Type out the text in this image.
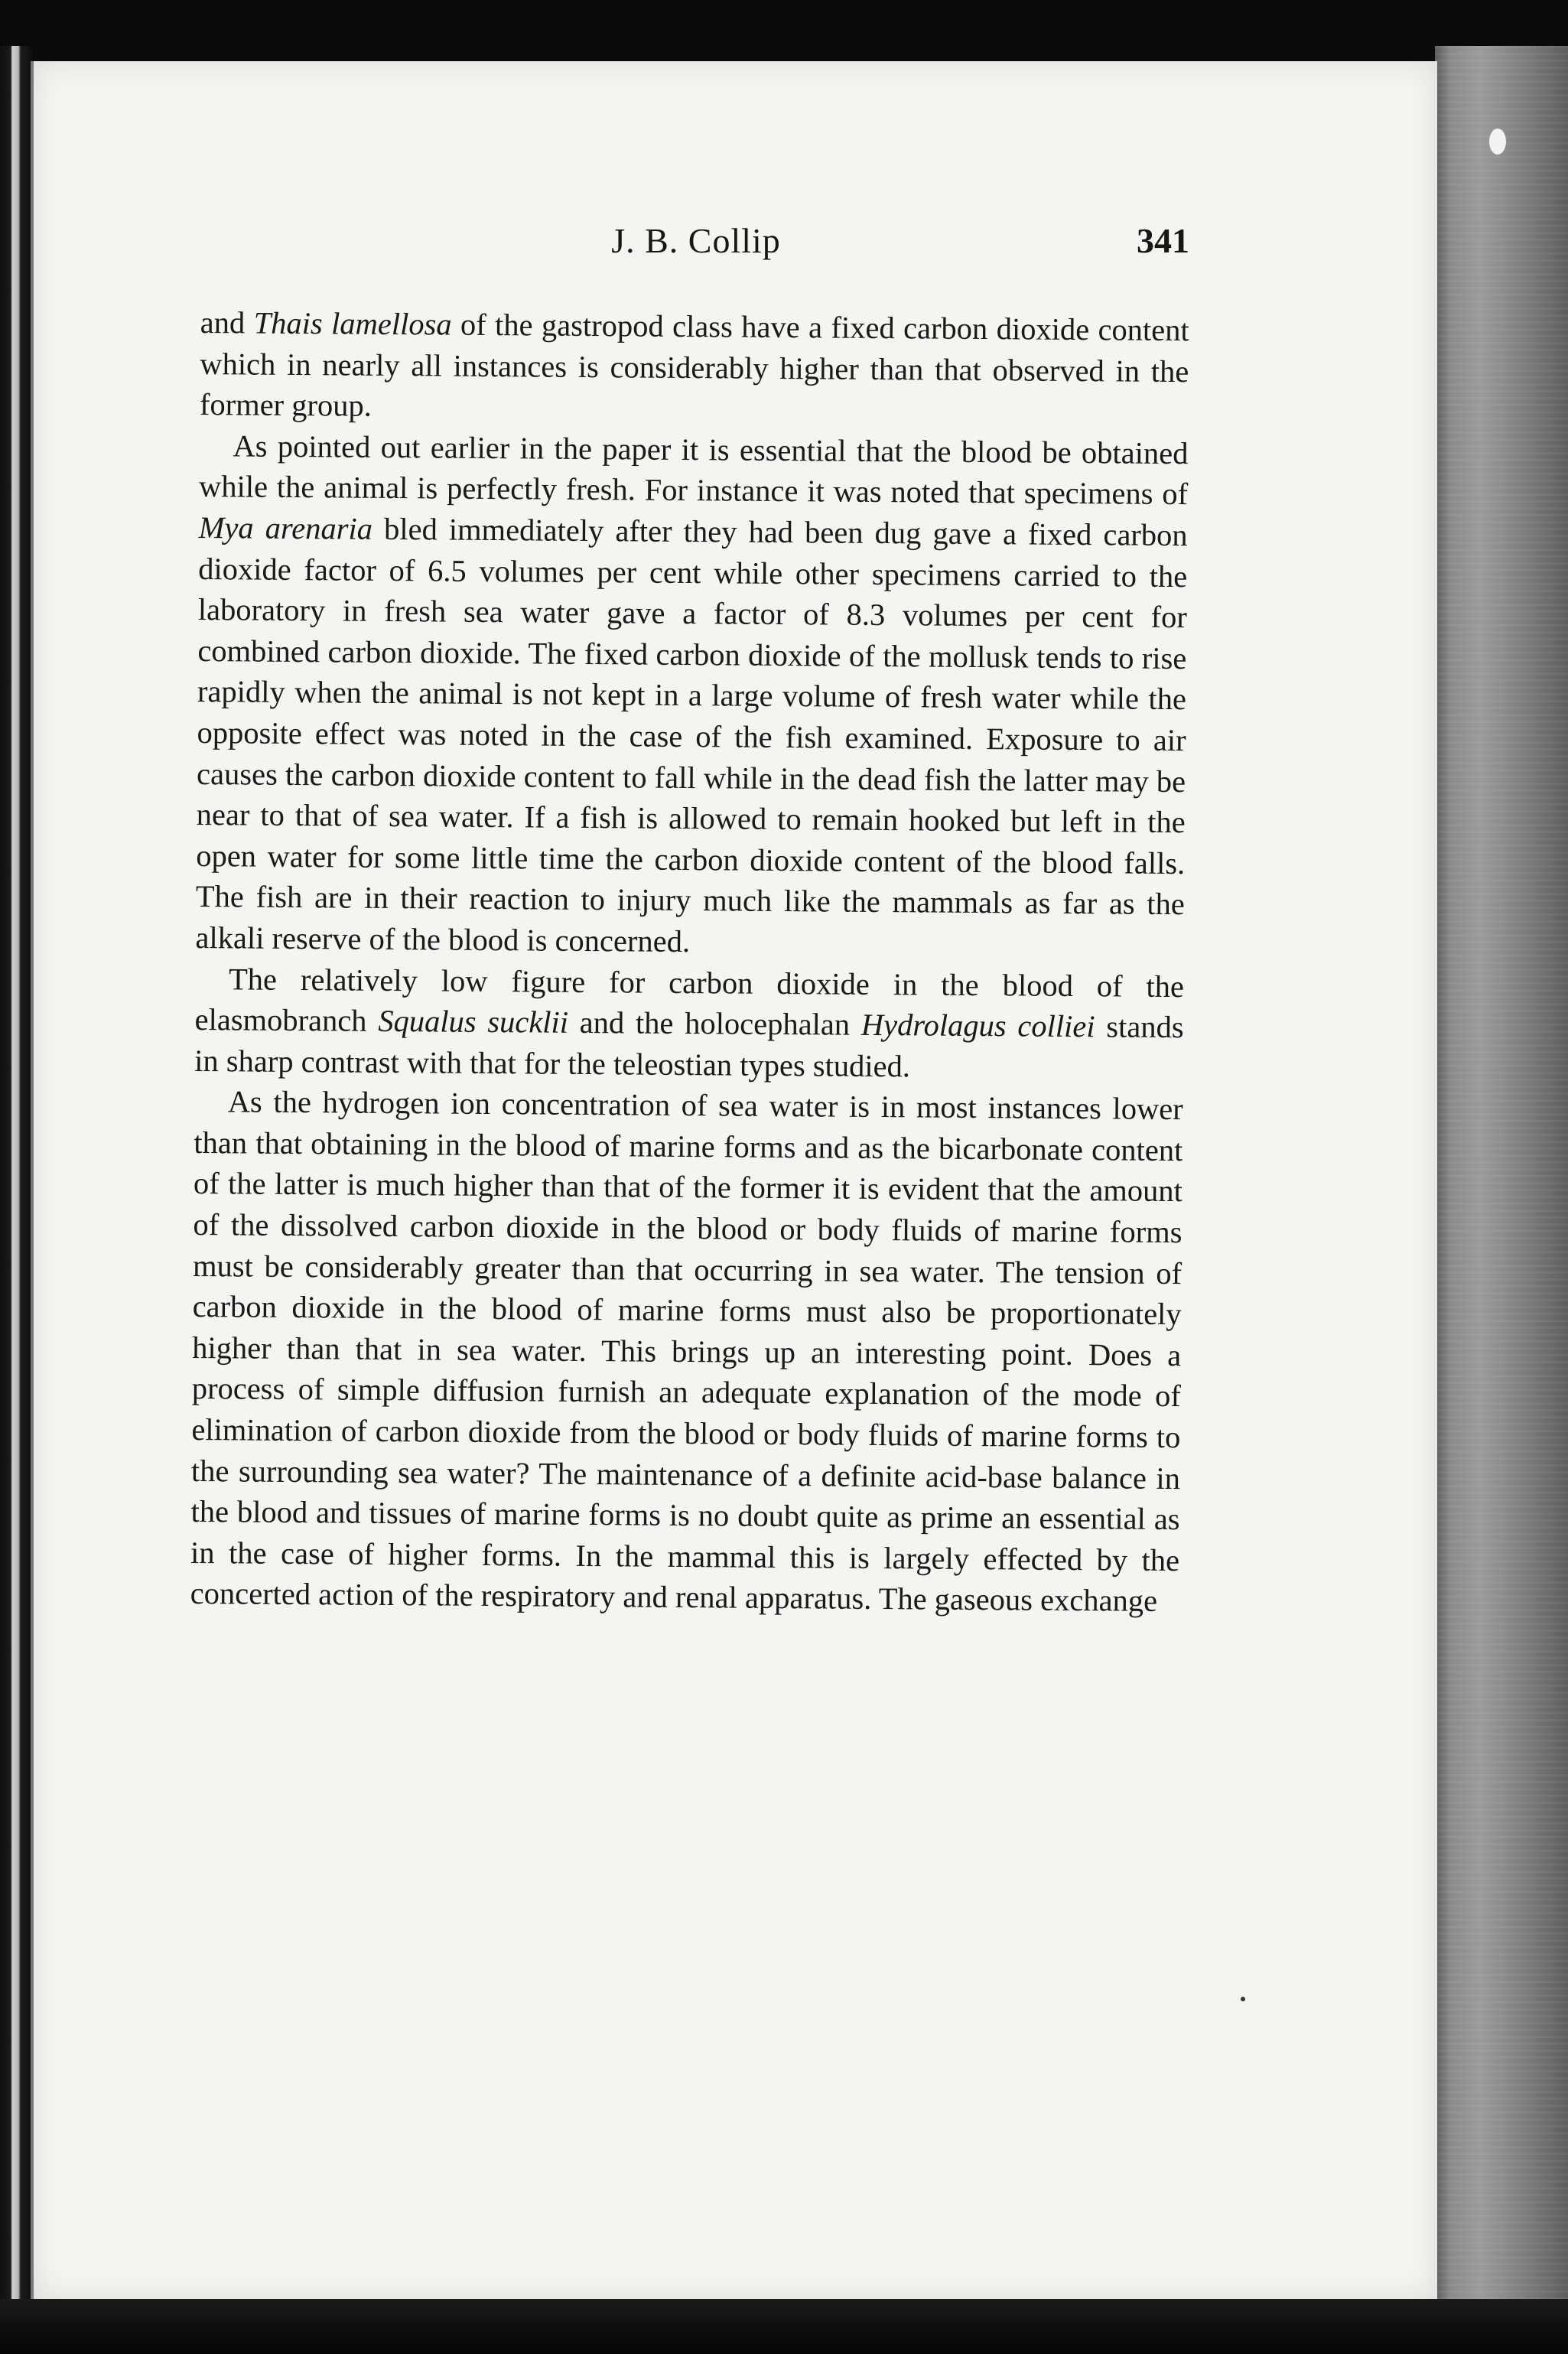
J. B. Collip	341

and Thais lamellosa of the gastropod class have a fixed carbon dioxide content which in nearly all instances is considerably higher than that observed in the former group.

As pointed out earlier in the paper it is essential that the blood be obtained while the animal is perfectly fresh. For instance it was noted that specimens of Mya arenaria bled immediately after they had been dug gave a fixed carbon dioxide factor of 6.5 volumes per cent while other specimens carried to the laboratory in fresh sea water gave a factor of 8.3 volumes per cent for combined carbon dioxide. The fixed carbon dioxide of the mollusk tends to rise rapidly when the animal is not kept in a large volume of fresh water while the opposite effect was noted in the case of the fish examined. Exposure to air causes the carbon dioxide content to fall while in the dead fish the latter may be near to that of sea water. If a fish is allowed to remain hooked but left in the open water for some little time the carbon dioxide content of the blood falls. The fish are in their reaction to injury much like the mammals as far as the alkali reserve of the blood is concerned.

The relatively low figure for carbon dioxide in the blood of the elasmobranch Squalus sucklii and the holocephalan Hydrolagus colliei stands in sharp contrast with that for the teleostian types studied.

As the hydrogen ion concentration of sea water is in most instances lower than that obtaining in the blood of marine forms and as the bicarbonate content of the latter is much higher than that of the former it is evident that the amount of the dissolved carbon dioxide in the blood or body fluids of marine forms must be considerably greater than that occurring in sea water. The tension of carbon dioxide in the blood of marine forms must also be proportionately higher than that in sea water. This brings up an interesting point. Does a process of simple diffusion furnish an adequate explanation of the mode of elimination of carbon dioxide from the blood or body fluids of marine forms to the surrounding sea water? The maintenance of a definite acid-base balance in the blood and tissues of marine forms is no doubt quite as prime an essential as in the case of higher forms. In the mammal this is largely effected by the concerted action of the respiratory and renal apparatus. The gaseous exchange
